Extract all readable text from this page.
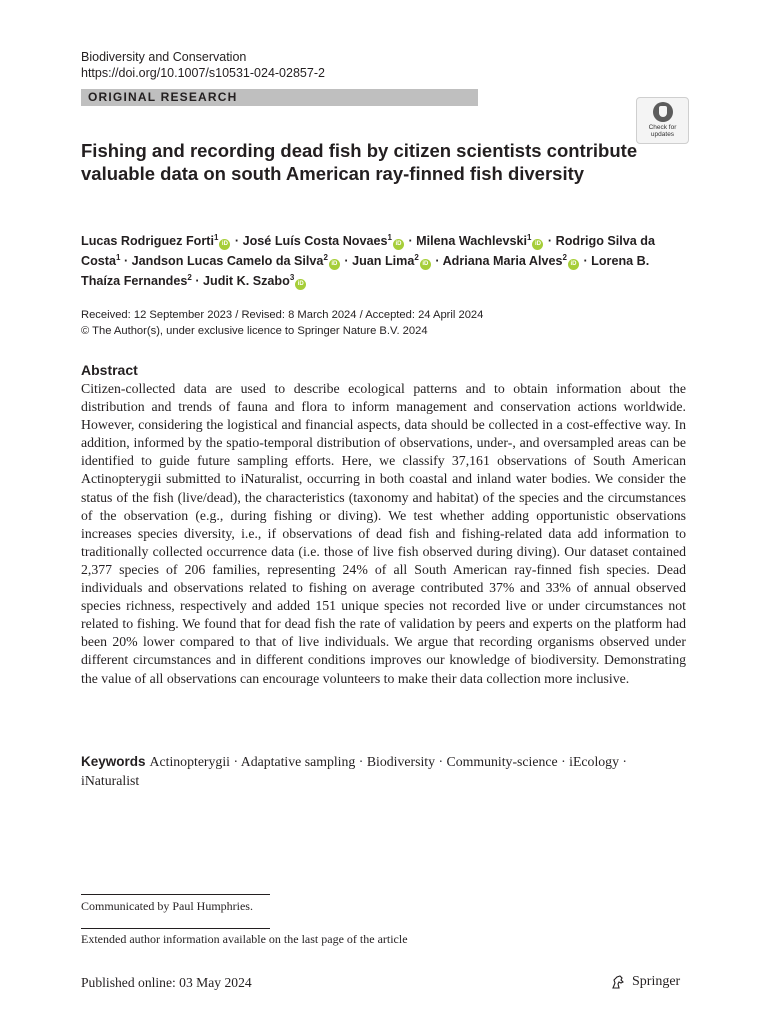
Biodiversity and Conservation
https://doi.org/10.1007/s10531-024-02857-2
ORIGINAL RESEARCH
Check for
updates
Fishing and recording dead fish by citizen scientists contribute valuable data on south American ray-finned fish diversity
Lucas Rodriguez Forti$^1$iD · José Luís Costa Novaes$^1$iD · Milena Wachlevski$^1$iD · Rodrigo Silva da Costa$^1$ · Jandson Lucas Camelo da Silva$^2$iD · Juan Lima$^2$iD · Adriana Maria Alves$^2$iD · Lorena B. Thaíza Fernandes$^2$ · Judit K. Szabo$^3$iD
Received: 12 September 2023 / Revised: 8 March 2024 / Accepted: 24 April 2024
© The Author(s), under exclusive licence to Springer Nature B.V. 2024
Abstract

Citizen-collected data are used to describe ecological patterns and to obtain information about the distribution and trends of fauna and flora to inform management and conservation actions worldwide. However, considering the logistical and financial aspects, data should be collected in a cost-effective way. In addition, informed by the spatio-temporal distribution of observations, under-, and oversampled areas can be identified to guide future sampling efforts. Here, we classify 37,161 observations of South American Actinopterygii submitted to iNaturalist, occurring in both coastal and inland water bodies. We consider the status of the fish (live/dead), the characteristics (taxonomy and habitat) of the species and the circumstances of the observation (e.g., during fishing or diving). We test whether adding opportunistic observations increases species diversity, i.e., if observations of dead fish and fishing-related data add information to traditionally collected occurrence data (i.e. those of live fish observed during diving). Our dataset contained 2,377 species of 206 families, representing 24% of all South American ray-finned fish species. Dead individuals and observations related to fishing on average contributed 37% and 33% of annual observed species richness, respectively and added 151 unique species not recorded live or under circumstances not related to fishing. We found that for dead fish the rate of validation by peers and experts on the platform had been 20% lower compared to that of live individuals. We argue that recording organisms observed under different circumstances and in different conditions improves our knowledge of biodiversity. Demonstrating the value of all observations can encourage volunteers to make their data collection more inclusive.

Keywords Actinopterygii · Adaptative sampling · Biodiversity · Community-science · iEcology · iNaturalist
Communicated by Paul Humphries.
Extended author information available on the last page of the article
Published online: 03 May 2024	Springer
